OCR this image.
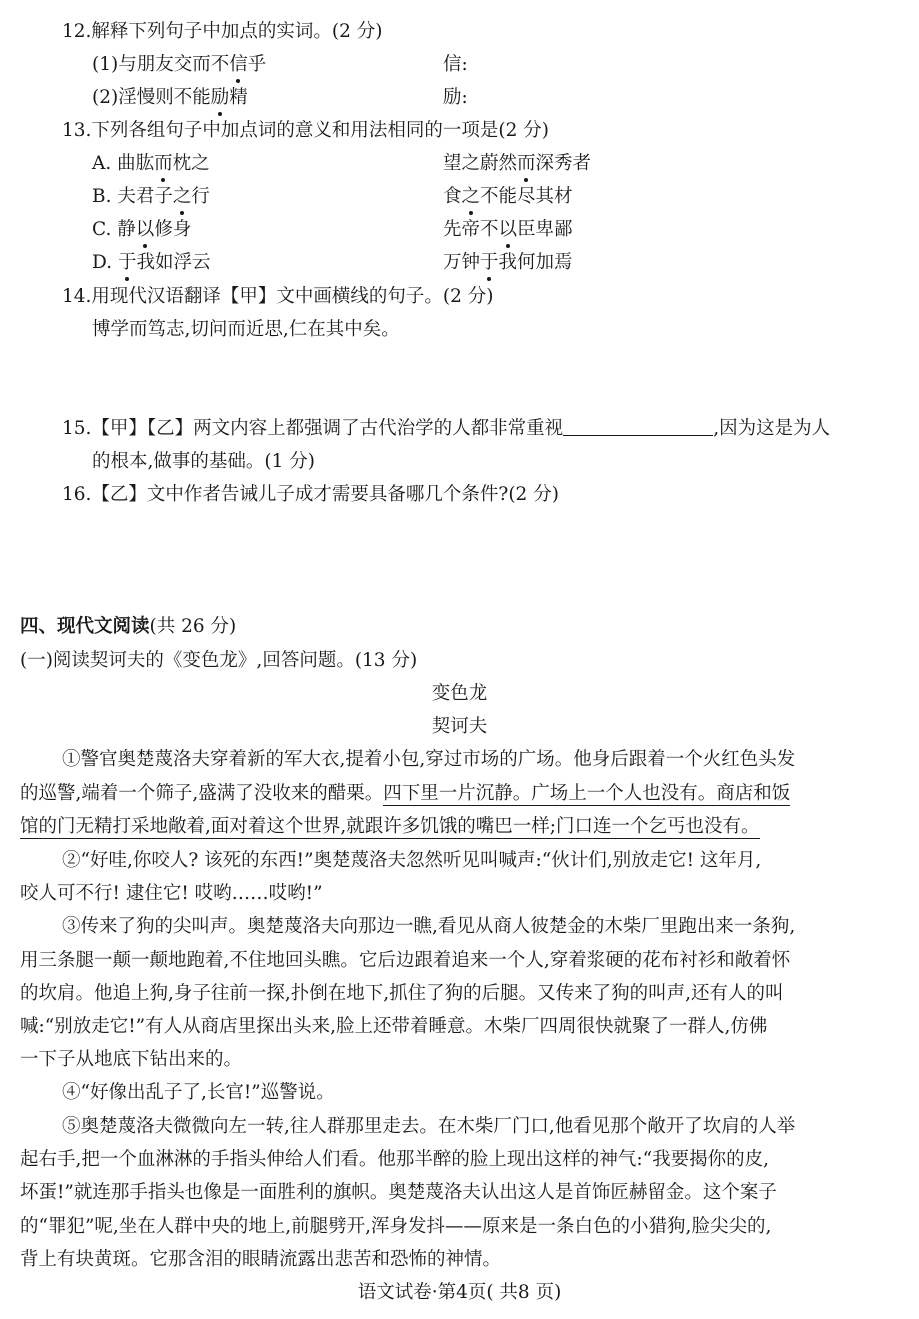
12.解释下列句子中加点的实词。(2 分)
(1)与朋友交而不信乎	信:
(2)淫慢则不能励精	励:
13.下列各组句子中加点词的意义和用法相同的一项是(2 分)
A. 曲肱而枕之	望之蔚然而深秀者
B. 夫君子之行	食之不能尽其材
C. 静以修身	先帝不以臣卑鄙
D. 于我如浮云	万钟于我何加焉
14.用现代汉语翻译【甲】文中画横线的句子。(2 分)
博学而笃志,切问而近思,仁在其中矣。
15.【甲】【乙】两文内容上都强调了古代治学的人都非常重视	,因为这是为人
的根本,做事的基础。(1 分)
16.【乙】文中作者告诫儿子成才需要具备哪几个条件?(2 分)
四、现代文阅读(共 26 分)
(一)阅读契诃夫的《变色龙》,回答问题。(13 分)
变色龙
契诃夫
①警官奥楚蔑洛夫穿着新的军大衣,提着小包,穿过市场的广场。他身后跟着一个火红色头发
的巡警,端着一个筛子,盛满了没收来的醋栗。四下里一片沉静。广场上一个人也没有。商店和饭
馆的门无精打采地敞着,面对着这个世界,就跟许多饥饿的嘴巴一样;门口连一个乞丐也没有。
②“好哇,你咬人? 该死的东西!”奥楚蔑洛夫忽然听见叫喊声:“伙计们,别放走它! 这年月,
咬人可不行! 逮住它! 哎哟……哎哟!”
③传来了狗的尖叫声。奥楚蔑洛夫向那边一瞧,看见从商人彼楚金的木柴厂里跑出来一条狗,
用三条腿一颠一颠地跑着,不住地回头瞧。它后边跟着追来一个人,穿着浆硬的花布衬衫和敞着怀
的坎肩。他追上狗,身子往前一探,扑倒在地下,抓住了狗的后腿。又传来了狗的叫声,还有人的叫
喊:“别放走它!”有人从商店里探出头来,脸上还带着睡意。木柴厂四周很快就聚了一群人,仿佛
一下子从地底下钻出来的。
④“好像出乱子了,长官!”巡警说。
⑤奥楚蔑洛夫微微向左一转,往人群那里走去。在木柴厂门口,他看见那个敞开了坎肩的人举
起右手,把一个血淋淋的手指头伸给人们看。他那半醉的脸上现出这样的神气:“我要揭你的皮,
坏蛋!”就连那手指头也像是一面胜利的旗帜。奥楚蔑洛夫认出这人是首饰匠赫留金。这个案子
的“罪犯”呢,坐在人群中央的地上,前腿劈开,浑身发抖——原来是一条白色的小猎狗,脸尖尖的,
背上有块黄斑。它那含泪的眼睛流露出悲苦和恐怖的神情。
语文试卷·第4页( 共8 页)
